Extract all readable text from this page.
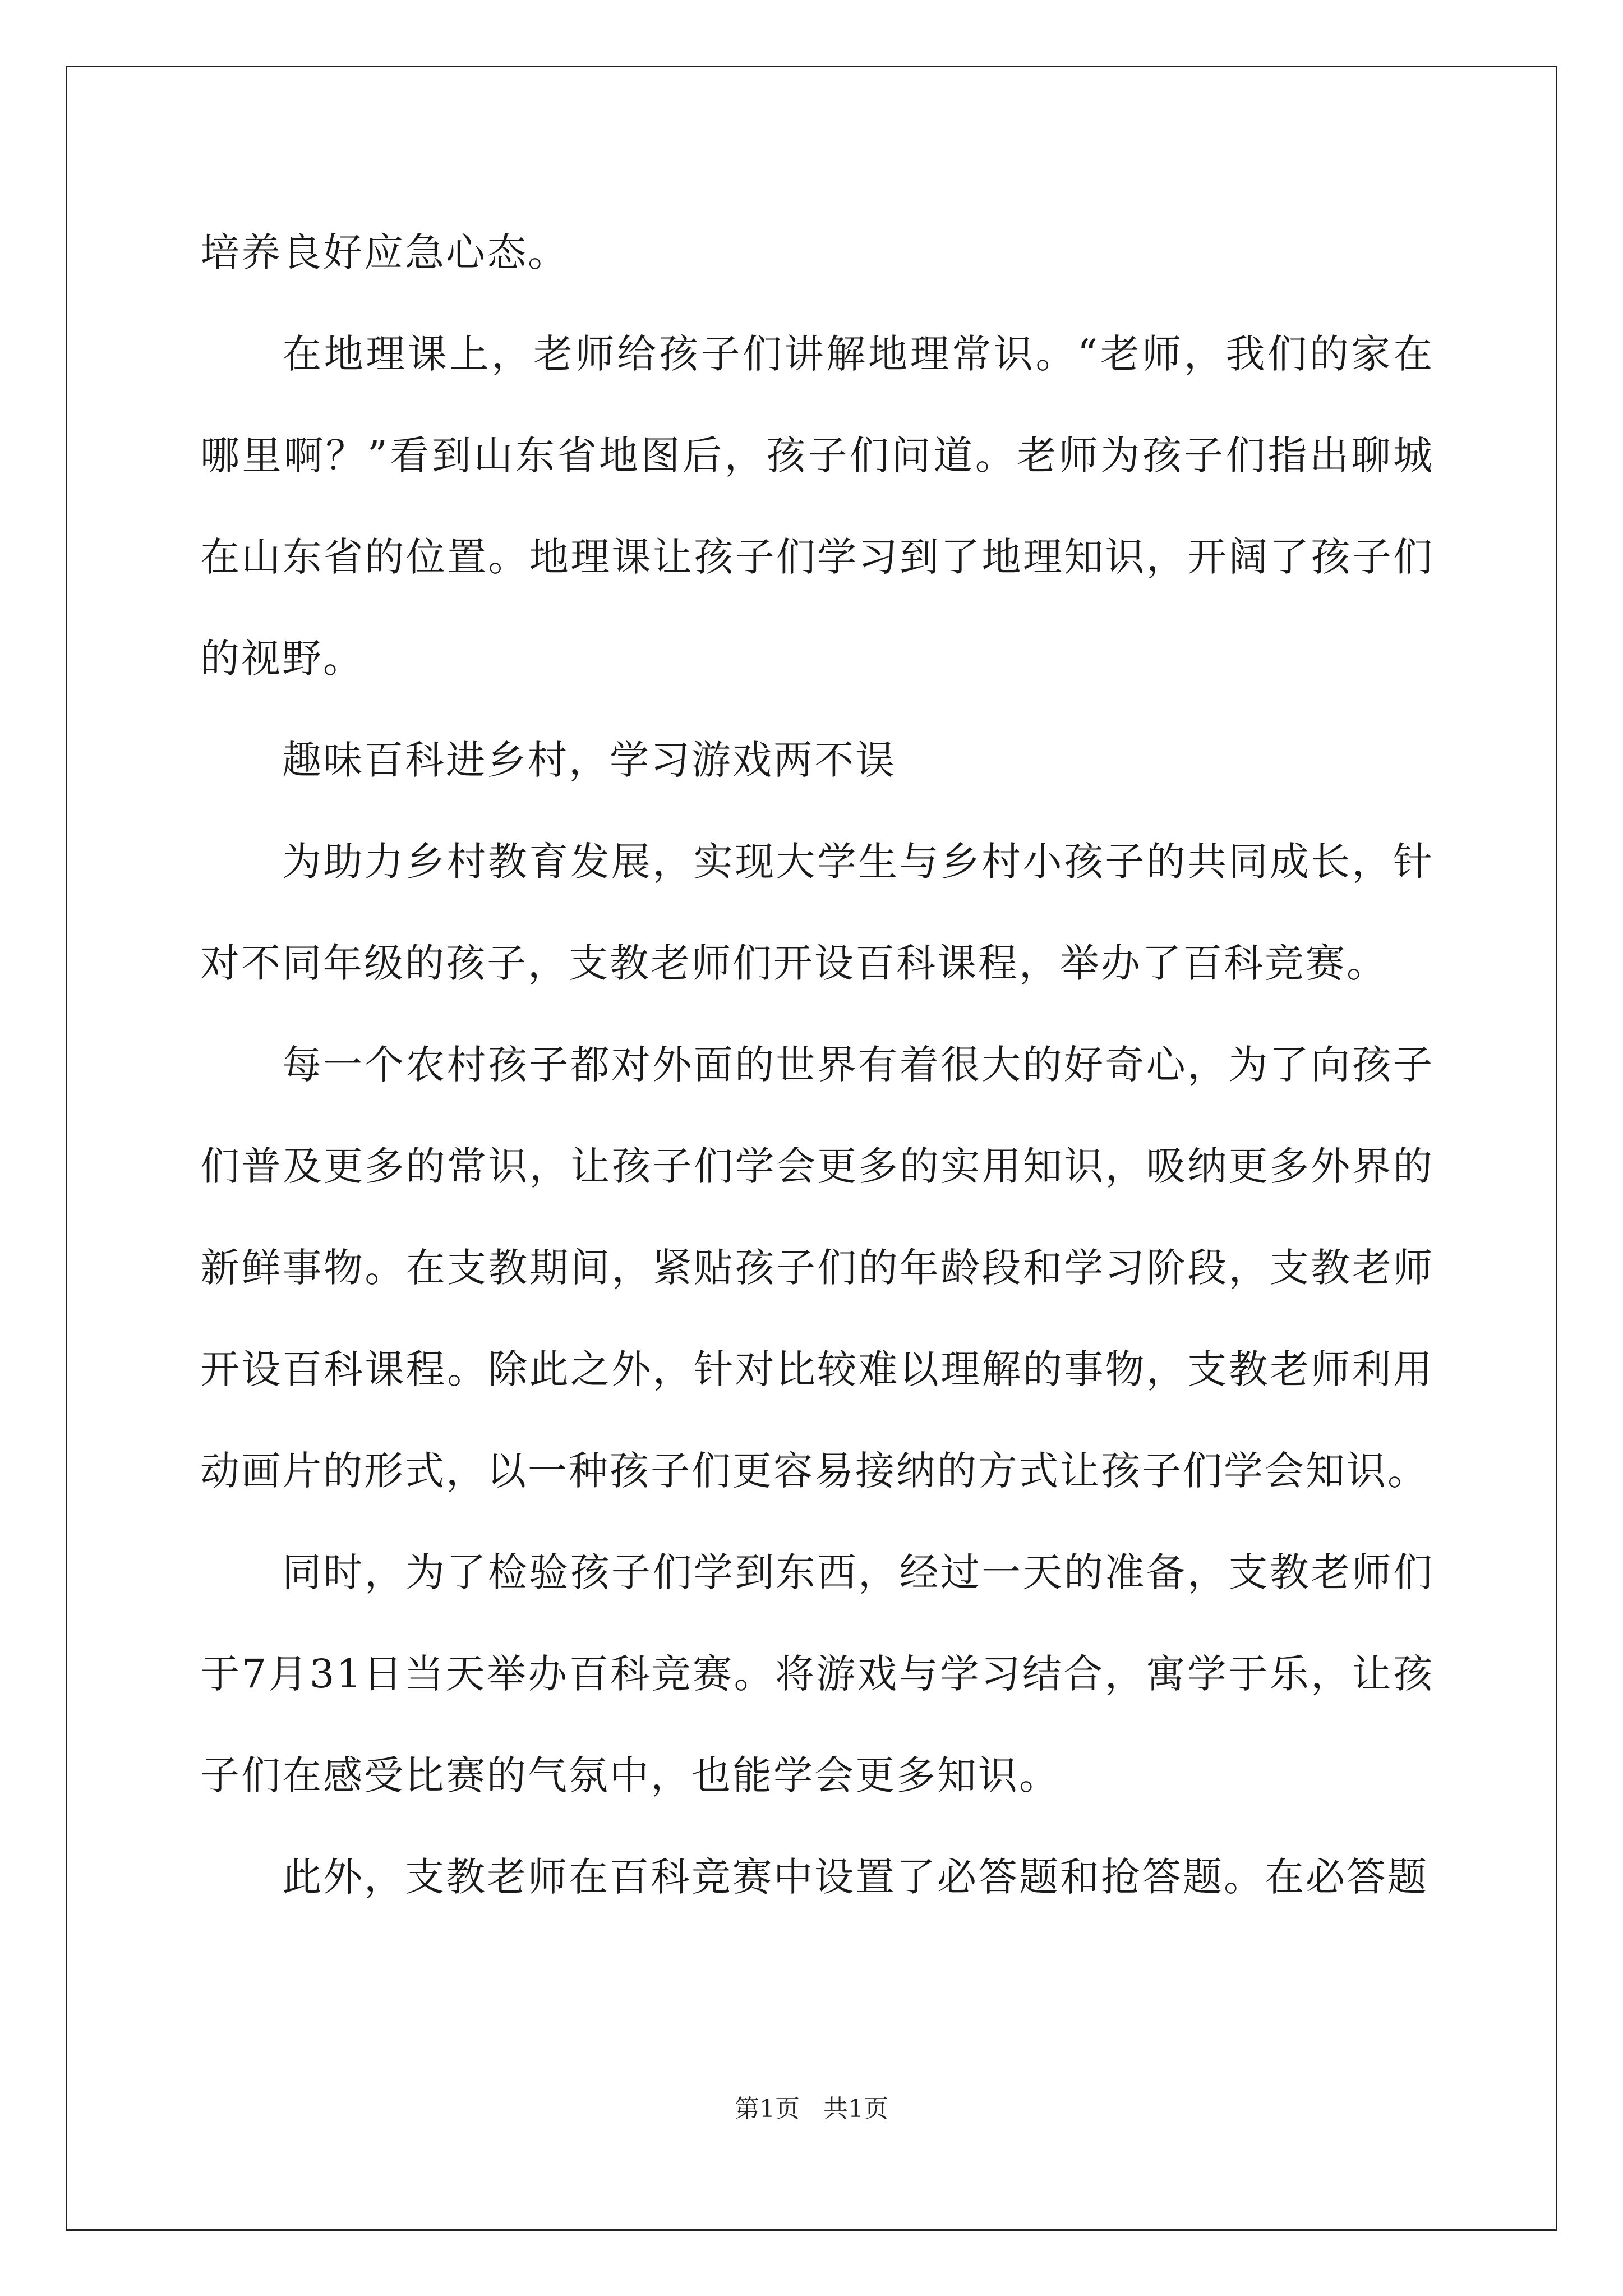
培养良好应急心态。

在地理课上，老师给孩子们讲解地理常识。“老师，我们的家在哪里啊？”看到山东省地图后，孩子们问道。老师为孩子们指出聊城在山东省的位置。地理课让孩子们学习到了地理知识，开阔了孩子们的视野。

趣味百科进乡村，学习游戏两不误

为助力乡村教育发展，实现大学生与乡村小孩子的共同成长，针对不同年级的孩子，支教老师们开设百科课程，举办了百科竞赛。

每一个农村孩子都对外面的世界有着很大的好奇心，为了向孩子们普及更多的常识，让孩子们学会更多的实用知识，吸纳更多外界的新鲜事物。在支教期间，紧贴孩子们的年龄段和学习阶段，支教老师开设百科课程。除此之外，针对比较难以理解的事物，支教老师利用动画片的形式，以一种孩子们更容易接纳的方式让孩子们学会知识。

同时，为了检验孩子们学到东西，经过一天的准备，支教老师们于7月31日当天举办百科竞赛。将游戏与学习结合，寓学于乐，让孩子们在感受比赛的气氛中，也能学会更多知识。

此外，支教老师在百科竞赛中设置了必答题和抢答题。在必答题

第1页 共1页
